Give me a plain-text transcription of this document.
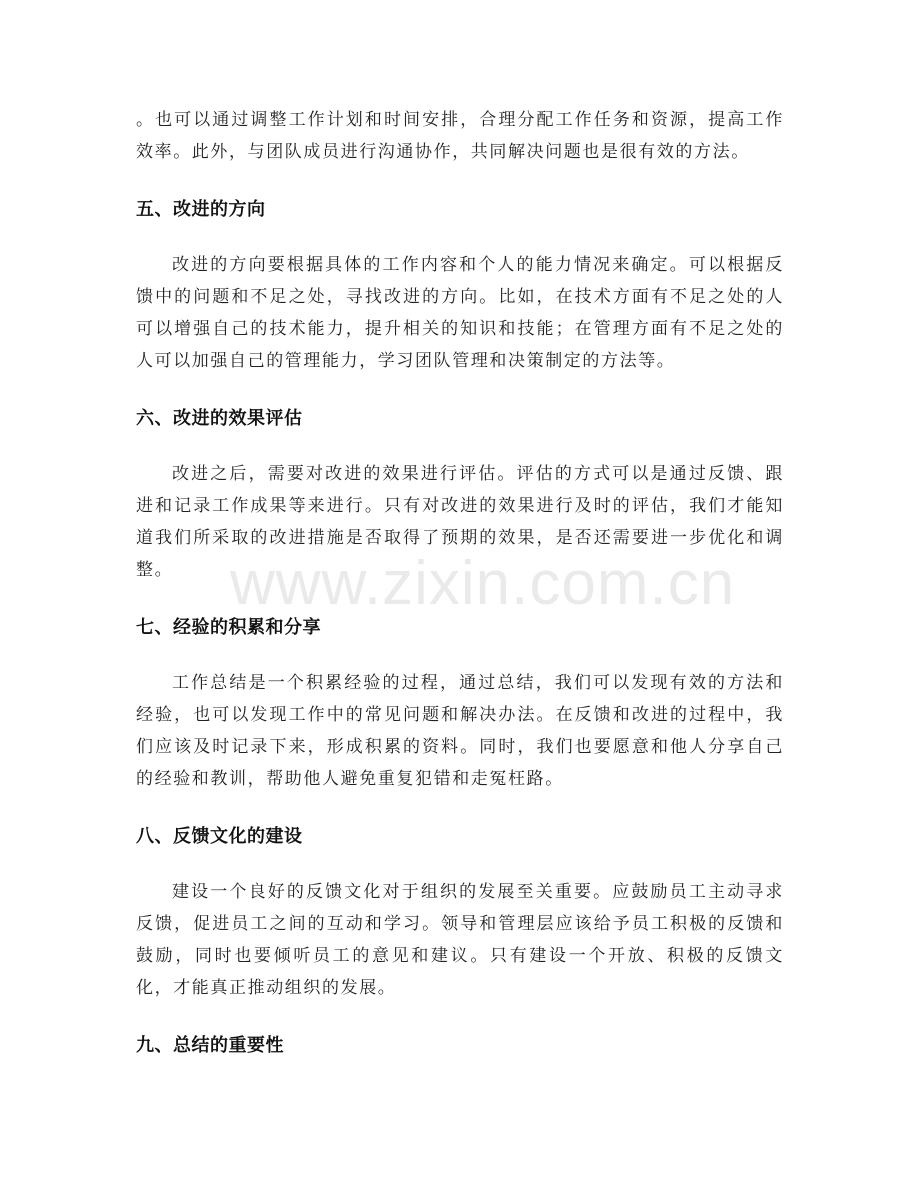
。也可以通过调整工作计划和时间安排，合理分配工作任务和资源，提高工作效率。此外，与团队成员进行沟通协作，共同解决问题也是很有效的方法。

五、改进的方向

改进的方向要根据具体的工作内容和个人的能力情况来确定。可以根据反馈中的问题和不足之处，寻找改进的方向。比如，在技术方面有不足之处的人可以增强自己的技术能力，提升相关的知识和技能；在管理方面有不足之处的人可以加强自己的管理能力，学习团队管理和决策制定的方法等。

六、改进的效果评估

改进之后，需要对改进的效果进行评估。评估的方式可以是通过反馈、跟进和记录工作成果等来进行。只有对改进的效果进行及时的评估，我们才能知道我们所采取的改进措施是否取得了预期的效果，是否还需要进一步优化和调整。

七、经验的积累和分享

工作总结是一个积累经验的过程，通过总结，我们可以发现有效的方法和经验，也可以发现工作中的常见问题和解决办法。在反馈和改进的过程中，我们应该及时记录下来，形成积累的资料。同时，我们也要愿意和他人分享自己的经验和教训，帮助他人避免重复犯错和走冤枉路。

八、反馈文化的建设

建设一个良好的反馈文化对于组织的发展至关重要。应鼓励员工主动寻求反馈，促进员工之间的互动和学习。领导和管理层应该给予员工积极的反馈和鼓励，同时也要倾听员工的意见和建议。只有建设一个开放、积极的反馈文化，才能真正推动组织的发展。

九、总结的重要性
www.zixin.com.cn
